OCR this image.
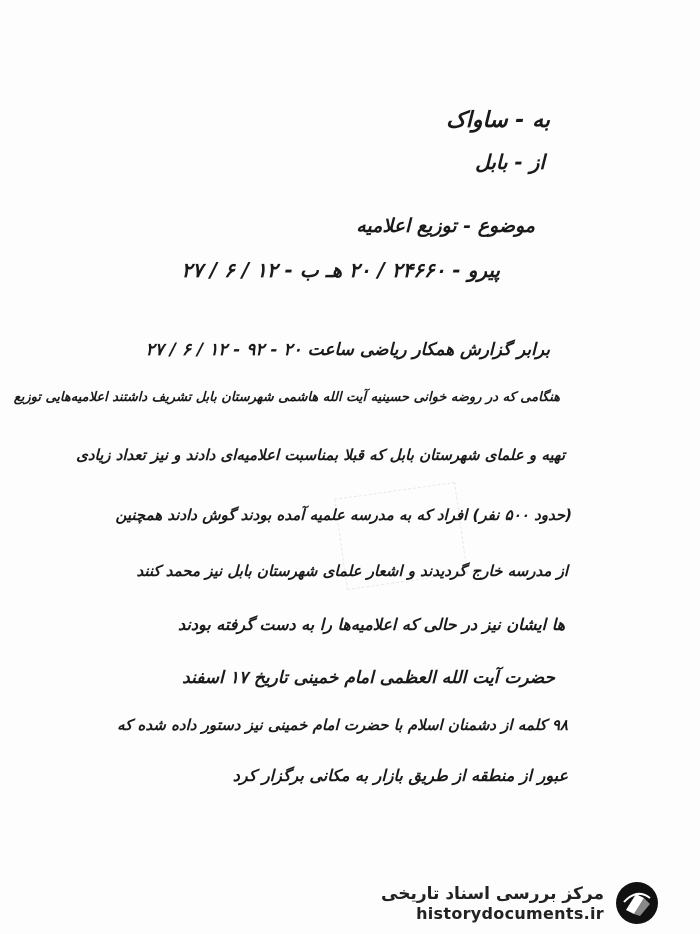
به - ساواک
از - بابل
موضوع - توزیع اعلامیه
پیرو - ۲۴۶۶۰ / ۲۰ هـ ب - ۱۲ / ۶ / ۲۷
برابر گزارش همکار ریاضی ساعت ۲۰ - ۹۲ - ۱۲ / ۶ / ۲۷
هنگامی که در روضه خوانی حسینیه آیت الله هاشمی شهرستان بابل تشریف داشتند اعلامیه‌هایی توزیع
تهیه و علمای شهرستان بابل که قبلا بمناسبت اعلامیه‌ای دادند و نیز تعداد زیادی
(حدود ۵۰۰ نفر) افراد که به مدرسه علمیه آمده بودند گوش دادند همچنین
از مدرسه خارج گردیدند و اشعار علمای شهرستان بابل نیز محمد کنند
ها ایشان نیز در حالی که اعلامیه‌ها را به دست گرفته بودند
حضرت آیت الله العظمی امام خمینی تاریخ ۱۷ اسفند
۹۸ کلمه از دشمنان اسلام با حضرت امام خمینی نیز دستور داده شده که
عبور از منطقه از طریق بازار به مکانی برگزار کرد
مرکز بررسی اسناد تاریخی
historydocuments.ir
